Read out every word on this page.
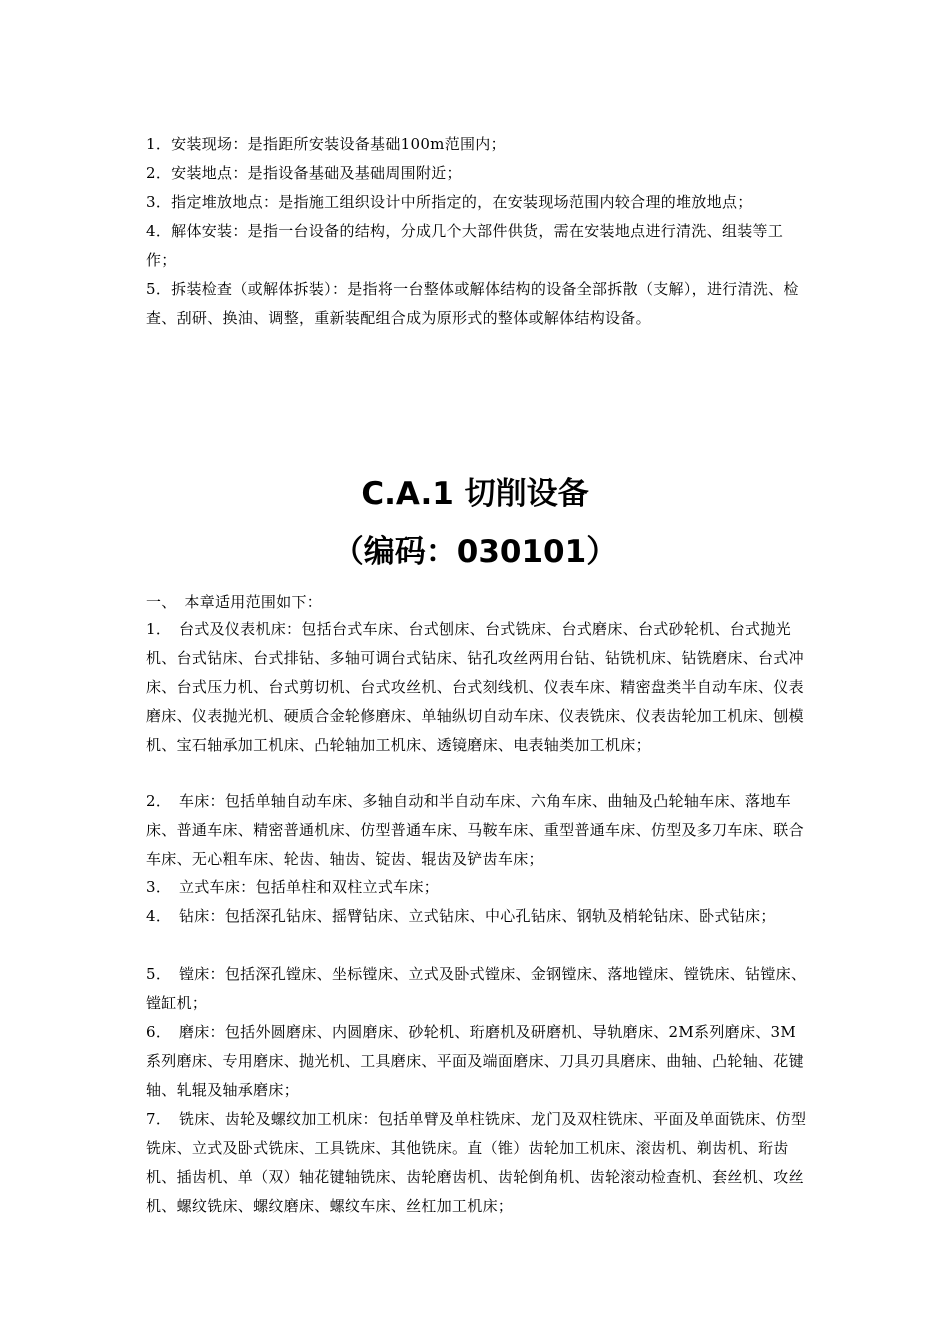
1．安装现场：是指距所安装设备基础100m范围内；

2．安装地点：是指设备基础及基础周围附近；

3．指定堆放地点：是指施工组织设计中所指定的，在安装现场范围内较合理的堆放地点；

4．解体安装：是指一台设备的结构，分成几个大部件供货，需在安装地点进行清洗、组装等工作；

5．拆装检查（或解体拆装）：是指将一台整体或解体结构的设备全部拆散（支解），进行清洗、检查、刮研、换油、调整，重新装配组合成为原形式的整体或解体结构设备。

C.A.1 切削设备
（编码：030101）

一、　本章适用范围如下：

1．　台式及仪表机床：包括台式车床、台式刨床、台式铣床、台式磨床、台式砂轮机、台式抛光机、台式钻床、台式排钻、多轴可调台式钻床、钻孔攻丝两用台钻、钻铣机床、钻铣磨床、台式冲床、台式压力机、台式剪切机、台式攻丝机、台式刻线机、仪表车床、精密盘类半自动车床、仪表磨床、仪表抛光机、硬质合金轮修磨床、单轴纵切自动车床、仪表铣床、仪表齿轮加工机床、刨模机、宝石轴承加工机床、凸轮轴加工机床、透镜磨床、电表轴类加工机床；

2．　车床：包括单轴自动车床、多轴自动和半自动车床、六角车床、曲轴及凸轮轴车床、落地车床、普通车床、精密普通机床、仿型普通车床、马鞍车床、重型普通车床、仿型及多刀车床、联合车床、无心粗车床、轮齿、轴齿、锭齿、辊齿及铲齿车床；

3．　立式车床：包括单柱和双柱立式车床；

4．　钻床：包括深孔钻床、摇臂钻床、立式钻床、中心孔钻床、钢轨及梢轮钻床、卧式钻床；

5．　镗床：包括深孔镗床、坐标镗床、立式及卧式镗床、金钢镗床、落地镗床、镗铣床、钻镗床、镗缸机；

6．　磨床：包括外圆磨床、内圆磨床、砂轮机、珩磨机及研磨机、导轨磨床、2M系列磨床、3M系列磨床、专用磨床、抛光机、工具磨床、平面及端面磨床、刀具刃具磨床、曲轴、凸轮轴、花键轴、轧辊及轴承磨床；

7．　铣床、齿轮及螺纹加工机床：包括单臂及单柱铣床、龙门及双柱铣床、平面及单面铣床、仿型铣床、立式及卧式铣床、工具铣床、其他铣床。直（锥）齿轮加工机床、滚齿机、剃齿机、珩齿机、插齿机、单（双）轴花键轴铣床、齿轮磨齿机、齿轮倒角机、齿轮滚动检查机、套丝机、攻丝机、螺纹铣床、螺纹磨床、螺纹车床、丝杠加工机床；
